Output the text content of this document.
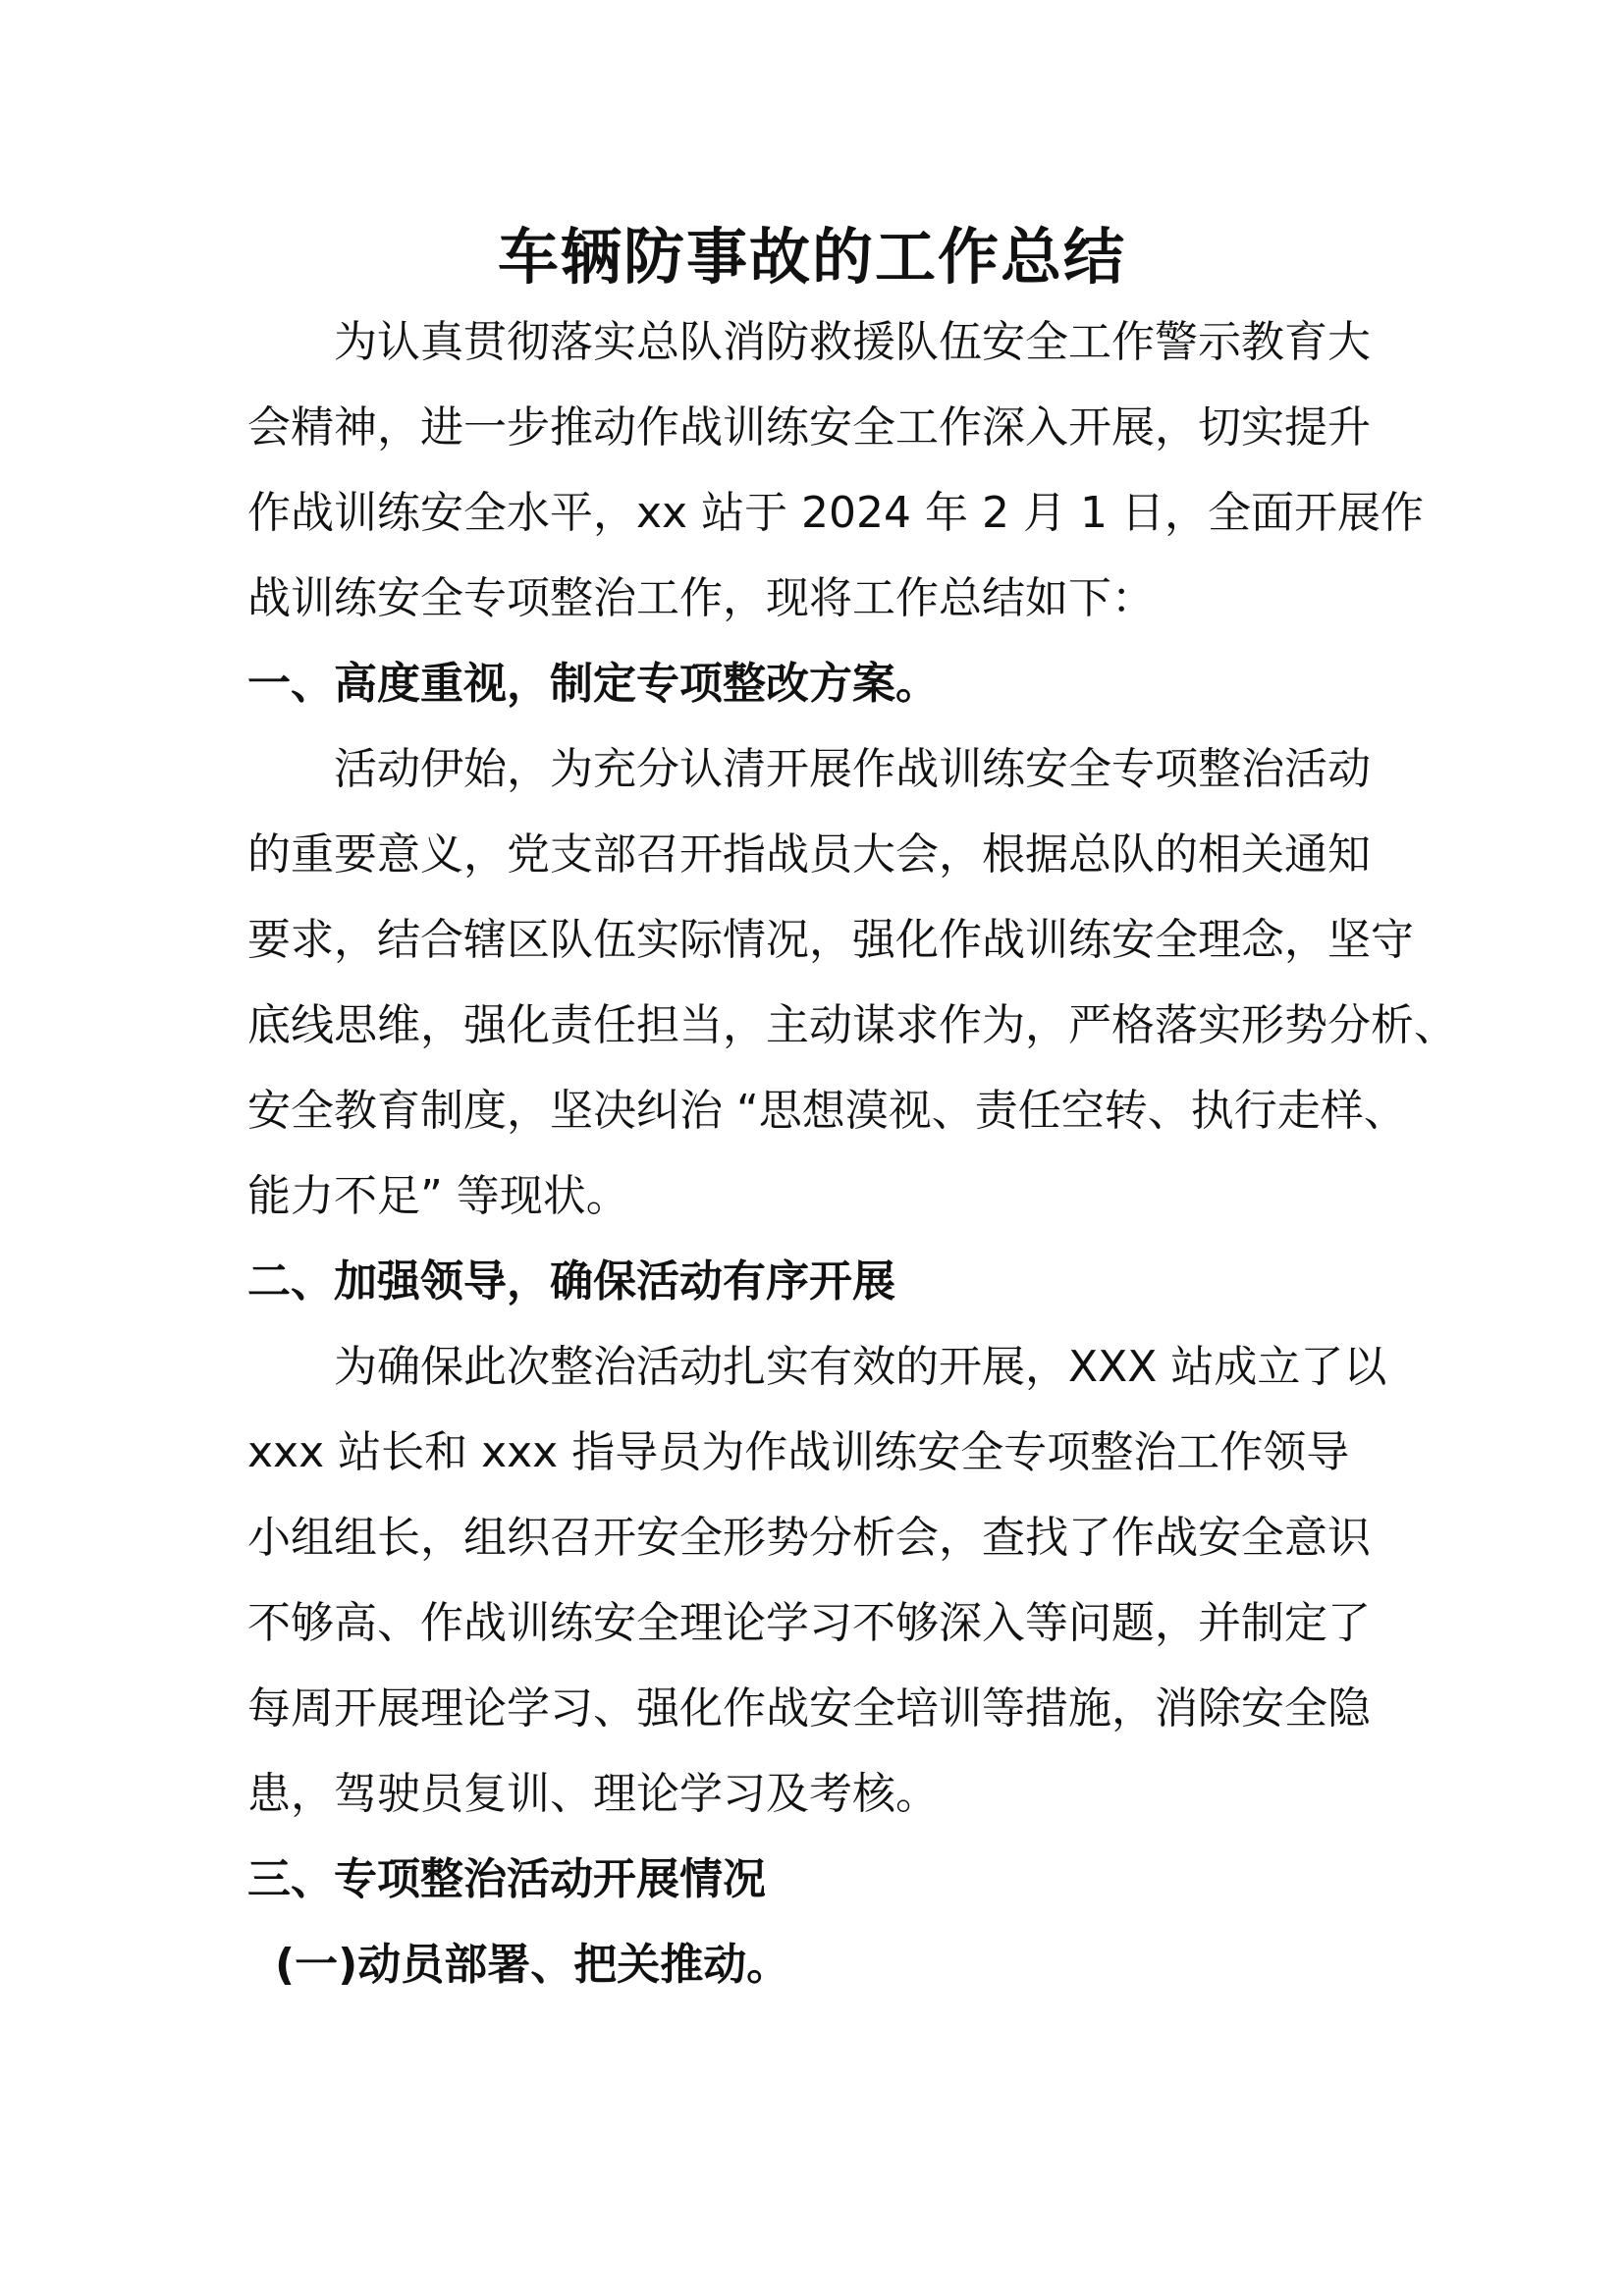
车辆防事故的工作总结
为认真贯彻落实总队消防救援队伍安全工作警示教育大
会精神，进一步推动作战训练安全工作深入开展，切实提升
作战训练安全水平，xx 站于 2024 年 2 月 1 日，全面开展作
战训练安全专项整治工作，现将工作总结如下：
一、高度重视，制定专项整改方案。
活动伊始，为充分认清开展作战训练安全专项整治活动
的重要意义，党支部召开指战员大会，根据总队的相关通知
要求，结合辖区队伍实际情况，强化作战训练安全理念，坚守
底线思维，强化责任担当，主动谋求作为，严格落实形势分析、
安全教育制度，坚决纠治 “思想漠视、责任空转、执行走样、
能力不足” 等现状。
二、加强领导，确保活动有序开展
为确保此次整治活动扎实有效的开展，XXX 站成立了以
xxx 站长和 xxx 指导员为作战训练安全专项整治工作领导
小组组长，组织召开安全形势分析会，查找了作战安全意识
不够高、作战训练安全理论学习不够深入等问题，并制定了
每周开展理论学习、强化作战安全培训等措施，消除安全隐
患，驾驶员复训、理论学习及考核。
三、专项整治活动开展情况
(一)动员部署、把关推动。
